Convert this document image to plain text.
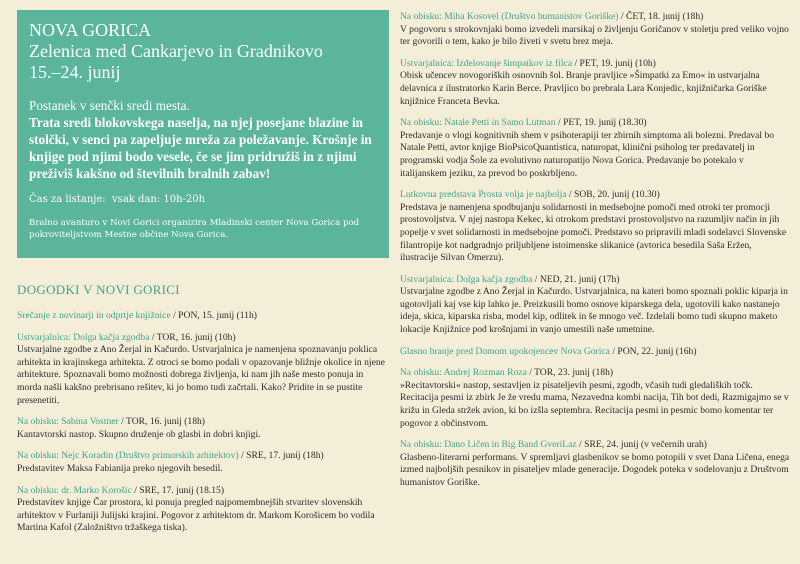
NOVA GORICA
Zelenica med Cankarjevo in Gradnikovo
15.–24. junij
Postanek v senčki sredi mesta.
Trata sredi blokovskega naselja, na njej posejane blazine in stolčki, v senci pa zapeljuje mreža za poležavanje. Krošnje in knjige pod njimi bodo vesele, če se jim pridružiš in z njimi preživiš kakšno od številnih bralnih zabav!
Čas za listanje: vsak dan: 10h-20h
Bralno avanturo v Novi Gorici organizira Mladinski center Nova Gorica pod pokroviteljstvom Mestne občine Nova Gorica.
DOGODKI V NOVI GORICI
Srečanje z novinarji in odprtje knjižnice / PON, 15. junij (11h)
Ustvarjalnica: Dolga kačja zgodba / TOR, 16. junij (10h)
Ustvarjalne zgodbe z Ano Žerjal in Kačurdo. Ustvarjalnica je namenjena spoznavanju poklica arhitekta in krajinskega arhitekta. Z otroci se bomo podali v opazovanje bližnje okolice in njene arhitekture. Spoznavali bomo možnosti dobrega življenja, ki nam jih naše mesto ponuja in morda našli kakšno prebrisano rešitev, ki jo bomo tudi začrtali. Kako? Pridite in se pustite presenetiti.
Na obisku: Sabina Vostner / TOR, 16. junij (18h)
Kantavtorski nastop. Skupno druženje ob glasbi in dobri knjigi.
Na obisku: Nejc Koradin (Društvo primorskih arhitektov) / SRE, 17. junij (18h)
Predstavitev Maksa Fabianija preko njegovih besedil.
Na obisku: dr. Marko Korošic / SRE, 17. junij (18.15)
Predstavitev knjige Čar prostora, ki ponuja pregled najpomembnejših stvaritev slovenskih arhitektov v Furlaniji Julijski krajini. Pogovor z arhitektom dr. Markom Korošicem bo vodila Martina Kafol (Založništvo tržaškega tiska).
Na obisku: Miha Kosovel (Društvo humanistov Goriške) / ČET, 18. junij (18h)
V pogovoru s strokovnjaki bomo izvedeli marsikaj o življenju Goričanov v stoletju pred veliko vojno ter govorili o tem, kako je bilo živeti v svetu brez meja.
Ustvarjalnica: Izdelovanje šimpatkov iz filca / PET, 19. junij (10h)
Obisk učencev novogoriških osnovnih šol. Branje pravljice »Šimpatki za Emo« in ustvarjalna delavnica z ilustratorko Karin Berce. Pravljico bo prebrala Lara Konjedic, knjižničarka Goriške knjižnice Franceta Bevka.
Na obisku: Natale Petti in Samo Lutman / PET, 19. junij (18.30)
Predavanje o vlogi kognitivnih shem v psihoterapiji ter zbirnih simptoma ali bolezni. Predaval bo Natale Petti, avtor knjige BioPsicoQuantistica, naturopat, klinični psiholog ter predavatelj in programski vodja Šole za evolutivno naturopatijo Nova Gorica. Predavanje bo potekalo v italijanskem jeziku, za prevod bo poskrbljeno.
Lutkovna predstava Prosta volja je najbolja / SOB, 20. junij (10.30)
Predstava je namenjena spodbujanju solidarnosti in medsebojne pomoči med otroki ter promocji prostovoljstva. V njej nastopa Kekec, ki otrokom predstavi prostovoljstvo na razumljiv način in jih popelje v svet solidarnosti in medsebojne pomoči. Predstavo so pripravili mladi sodelavci Slovenske filantropije kot nadgradnjo priljubljene istoimenske slikanice (avtorica besedila Saša Eržen, ilustracije Silvan Omerzu).
Ustvarjalnica: Dolga kačja zgodba / NED, 21. junij (17h)
Ustvarjalne zgodbe z Ano Žerjal in Kačurdo. Ustvarjalnica, na kateri bomo spoznali poklic kiparja in ugotovljali kaj vse kip lahko je. Preizkusili bomo osnove kiparskega dela, ugotovili kako nastanejo ideja, skica, kiparska risba, model kip, odlitek in še mnogo več. Izdelali bomo tudi skupno maketo lokacije Knjižnice pod krošnjami in vanjo umestili naše umetnine.
Glasno branje pred Domom upokojencev Nova Gorica / PON, 22. junij (16h)
Na obisku: Andrej Rozman Roza / TOR, 23. junij (18h)
»Recitavtorski« nastop, sestavljen iz pisateljevih pesmi, zgodb, včasih tudi gledaliških točk. Recitacija pesmi iz zbirk Je že vredu mama, Nezavedna kombi nacija, Tih bot dedi, Razmigajmo se v križu in Gleda stržek avion, ki bo izšla septembra. Recitacija pesmi in pesmic bomo komentar ter pogovor z občinstvom.
Na obisku: Dano Ličen in Big Band GveriLaz / SRE, 24. junij (v večernih urah)
Glasbeno-literarni performans. V spremljavi glasbenikov se bomo potopili v svet Dana Ličena, enega izmed najboljših pesnikov in pisateljev mlade generacije. Dogodek poteka v sodelovanju z Društvom humanistov Goriške.
